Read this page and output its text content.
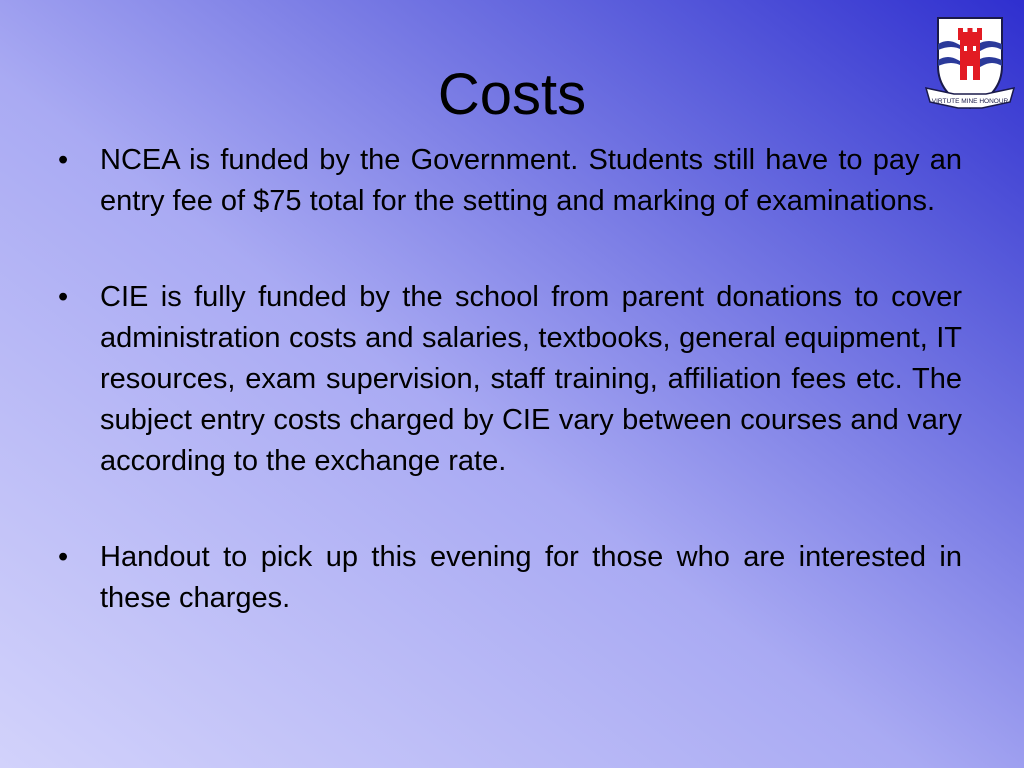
Costs	VIRTUTE MINE HONOUR
• NCEA is funded by the Government. Students still have to pay an entry fee of $75 total for the setting and marking of examinations.
• CIE is fully funded by the school from parent donations to cover administration costs and salaries, textbooks, general equipment, IT resources, exam supervision, staff training, affiliation fees etc. The subject entry costs charged by CIE vary between courses and vary according to the exchange rate.
• Handout to pick up this evening for those who are interested in these charges.
